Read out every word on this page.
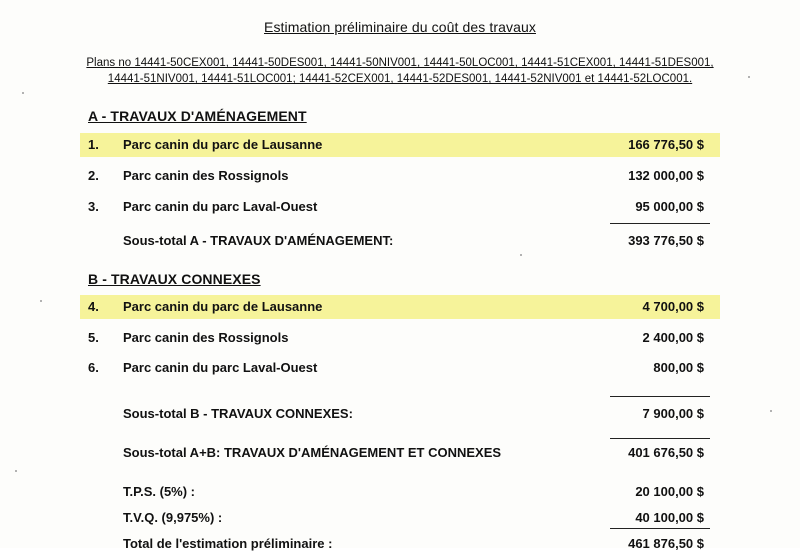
Estimation préliminaire du coût des travaux
Plans no 14441-50CEX001, 14441-50DES001, 14441-50NIV001, 14441-50LOC001, 14441-51CEX001, 14441-51DES001,
14441-51NIV001, 14441-51LOC001; 14441-52CEX001, 14441-52DES001, 14441-52NIV001 et 14441-52LOC001.
A - TRAVAUX D'AMÉNAGEMENT
1. Parc canin du parc de Lausanne	166 776,50 $
2. Parc canin des Rossignols	132 000,00 $
3. Parc canin du parc Laval-Ouest	95 000,00 $
Sous-total A - TRAVAUX D'AMÉNAGEMENT:	393 776,50 $
B - TRAVAUX CONNEXES
4. Parc canin du parc de Lausanne	4 700,00 $
5. Parc canin des Rossignols	2 400,00 $
6. Parc canin du parc Laval-Ouest	800,00 $
Sous-total B - TRAVAUX CONNEXES:	7 900,00 $
Sous-total A+B: TRAVAUX D'AMÉNAGEMENT ET CONNEXES	401 676,50 $
T.P.S. (5%) :	20 100,00 $
T.V.Q. (9,975%) :	40 100,00 $
Total de l'estimation préliminaire :	461 876,50 $
